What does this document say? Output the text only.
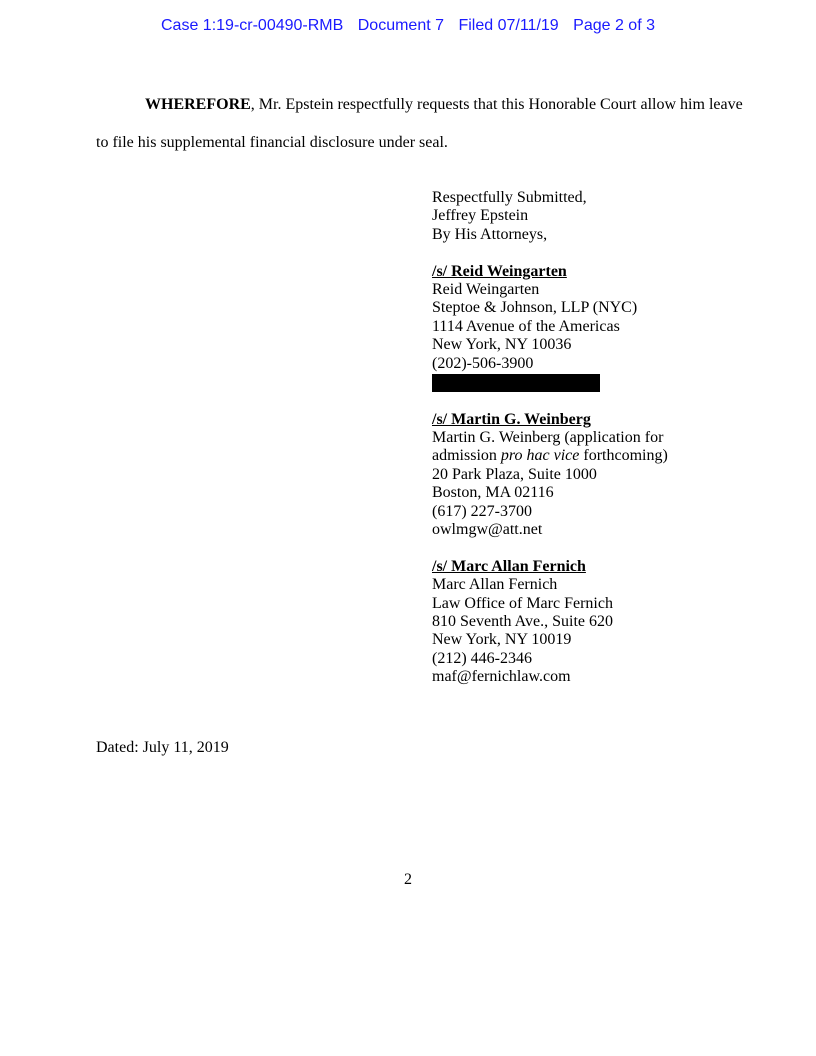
Case 1:19-cr-00490-RMB Document 7 Filed 07/11/19 Page 2 of 3
WHEREFORE, Mr. Epstein respectfully requests that this Honorable Court allow him leave
to file his supplemental financial disclosure under seal.
Respectfully Submitted,
Jeffrey Epstein
By His Attorneys,
/s/ Reid Weingarten
Reid Weingarten
Steptoe & Johnson, LLP (NYC)
1114 Avenue of the Americas
New York, NY 10036
(202)-506-3900
/s/ Martin G. Weinberg
Martin G. Weinberg (application for
admission pro hac vice forthcoming)
20 Park Plaza, Suite 1000
Boston, MA 02116
(617) 227-3700
owlmgw@att.net
/s/ Marc Allan Fernich
Marc Allan Fernich
Law Office of Marc Fernich
810 Seventh Ave., Suite 620
New York, NY 10019
(212) 446-2346
maf@fernichlaw.com
Dated: July 11, 2019
2
